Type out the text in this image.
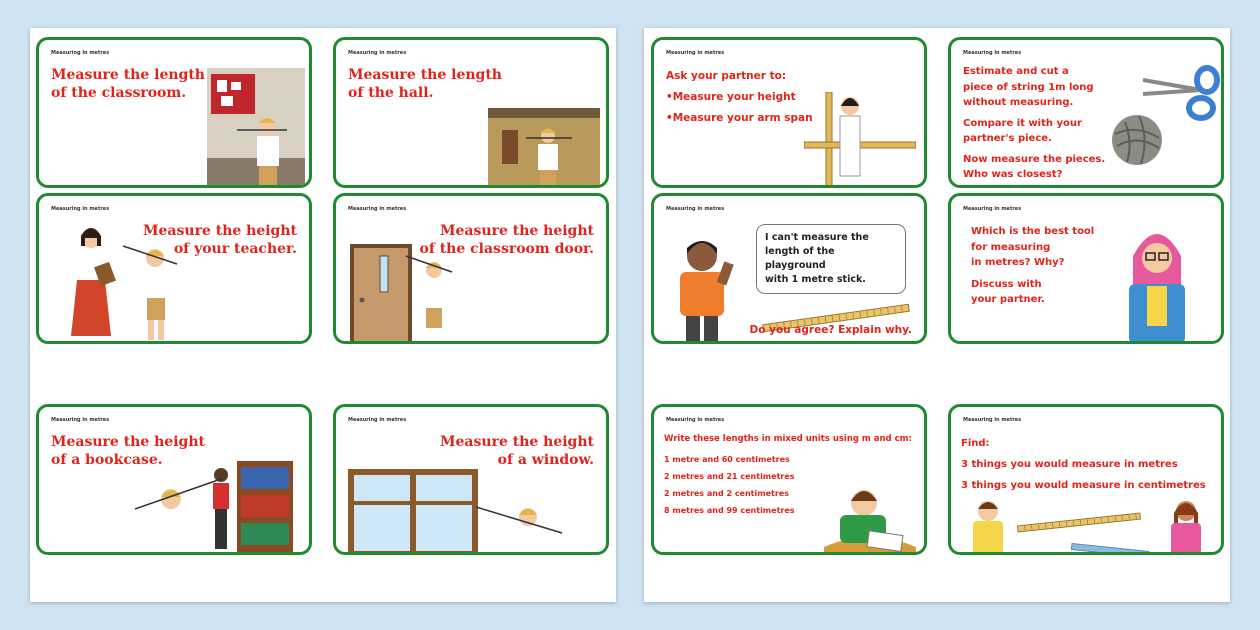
Measuring in metres
Measure the length
of the classroom.
Measuring in metres
Measure the length
of the hall.
Measuring in metres
Measure the height
of your teacher.
Measuring in metres
Measure the height
of the classroom door.
Measuring in metres
Measure the height
of a bookcase.
Measuring in metres
Measure the height
of a window.
Measuring in metres
Ask your partner to:
•Measure your height
•Measure your arm span
Measuring in metres
Estimate and cut a
piece of string 1m long
without measuring.
Compare it with your
partner's piece.
Now measure the pieces.
Who was closest?
Measuring in metres
I can't measure the
length of the playground
with 1 metre stick.
Do you agree? Explain why.
Measuring in metres
Which is the best tool
for measuring
in metres? Why?
Discuss with
your partner.
Measuring in metres
Write these lengths in mixed units using m and cm:
1 metre and 60 centimetres
2 metres and 21 centimetres
2 metres and 2 centimetres
8 metres and 99 centimetres
Measuring in metres
Find:
3 things you would measure in metres
3 things you would measure in centimetres
